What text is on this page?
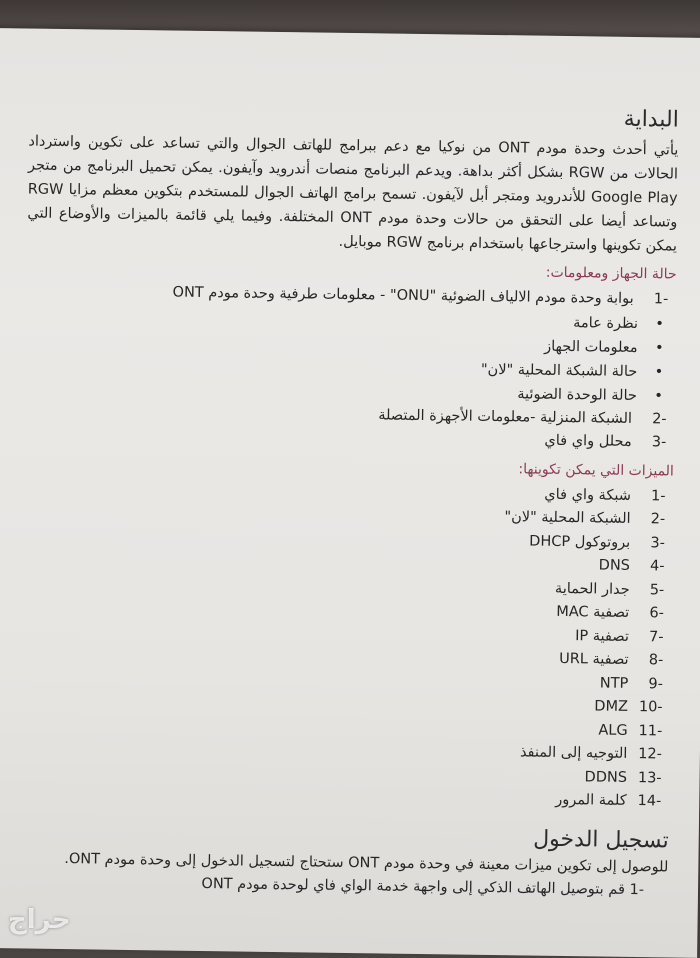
البداية

يأتي أحدث وحدة مودم ONT من نوكيا مع دعم ببرامج للهاتف الجوال والتي تساعد على تكوين واسترداد الحالات من RGW بشكل أكثر بداهة. ويدعم البرنامج منصات أندرويد وآيفون. يمكن تحميل البرنامج من متجر Google Play للأندرويد ومتجر أبل لآيفون. تسمح برامج الهاتف الجوال للمستخدم بتكوين معظم مزايا RGW وتساعد أيضا على التحقق من حالات وحدة مودم ONT المختلفة. وفيما يلي قائمة بالميزات والأوضاع التي يمكن تكوينها واسترجاعها باستخدام برنامج RGW موبايل.

حالة الجهاز ومعلومات:

-1 بوابة وحدة مودم الالياف الضوئية "ONU" - معلومات طرفية وحدة مودم ONT

• نظرة عامة

• معلومات الجهاز

• حالة الشبكة المحلية "لان"

• حالة الوحدة الضوئية

-2 الشبكة المنزلية -معلومات الأجهزة المتصلة

-3 محلل واي فاي

الميزات التي يمكن تكوينها:

-1 شبكة واي فاي

-2 الشبكة المحلية "لان"

-3 بروتوكول DHCP

-4 DNS

-5 جدار الحماية

-6 تصفية MAC

-7 تصفية IP

-8 تصفية URL

-9 NTP

-10 DMZ

-11 ALG

-12 التوجيه إلى المنفذ

-13 DDNS

-14 كلمة المرور

تسجيل الدخول

للوصول إلى تكوين ميزات معينة في وحدة مودم ONT ستحتاج لتسجيل الدخول إلى وحدة مودم ONT.

-1 قم بتوصيل الهاتف الذكي إلى واجهة خدمة الواي فاي لوحدة مودم ONT

حراج
